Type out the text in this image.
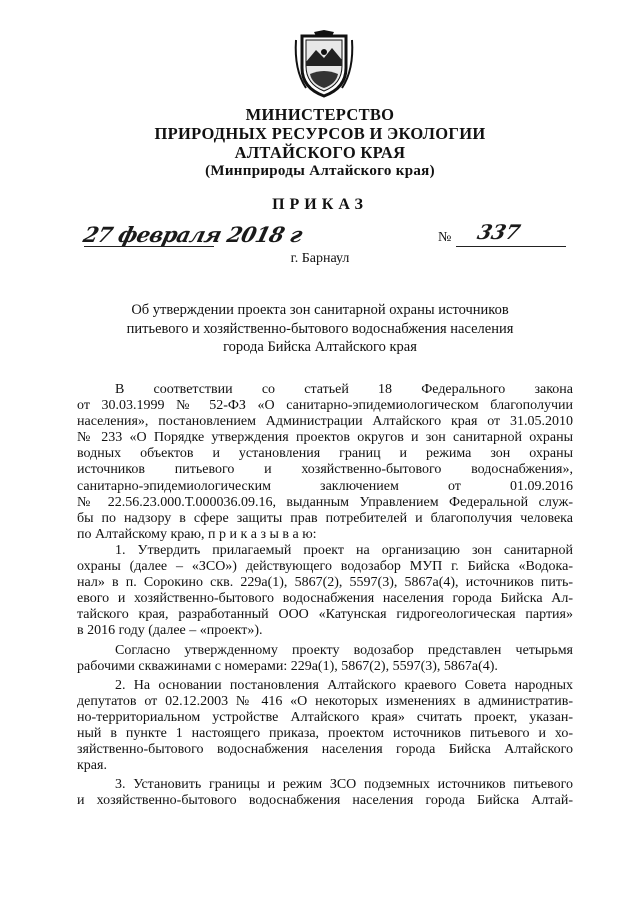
МИНИСТЕРСТВО
ПРИРОДНЫХ РЕСУРСОВ И ЭКОЛОГИИ
АЛТАЙСКОГО КРАЯ
(Минприроды Алтайского края)
ПРИКАЗ
27 февраля 2018 г	№ 337
г. Барнаул
Об утверждении проекта зон санитарной охраны источников
питьевого и хозяйственно-бытового водоснабжения населения
города Бийска Алтайского края
В соответствии со статьей 18 Федерального закона
от 30.03.1999 № 52-ФЗ «О санитарно-эпидемиологическом благополучии
населения», постановлением Администрации Алтайского края от 31.05.2010
№ 233 «О Порядке утверждения проектов округов и зон санитарной охраны
водных объектов и установления границ и режима зон охраны
источников питьевого и хозяйственно-бытового водоснабжения»,
санитарно-эпидемиологическим заключением от 01.09.2016
№ 22.56.23.000.Т.000036.09.16, выданным Управлением Федеральной служ-
бы по надзору в сфере защиты прав потребителей и благополучия человека
по Алтайскому краю, п р и к а з ы в а ю:
1. Утвердить прилагаемый проект на организацию зон санитарной
охраны (далее – «ЗСО») действующего водозабор МУП г. Бийска «Водока-
нал» в п. Сорокино скв. 229а(1), 5867(2), 5597(3), 5867а(4), источников пить-
евого и хозяйственно-бытового водоснабжения населения города Бийска Ал-
тайского края, разработанный ООО «Катунская гидрогеологическая партия»
в 2016 году (далее – «проект»).
Согласно утвержденному проекту водозабор представлен четырьмя
рабочими скважинами с номерами: 229а(1), 5867(2), 5597(3), 5867а(4).
2. На основании постановления Алтайского краевого Совета народных
депутатов от 02.12.2003 № 416 «О некоторых изменениях в административ-
но-территориальном устройстве Алтайского края» считать проект, указан-
ный в пункте 1 настоящего приказа, проектом источников питьевого и хо-
зяйственно-бытового водоснабжения населения города Бийска Алтайского
края.
3. Установить границы и режим ЗСО подземных источников питьевого
и хозяйственно-бытового водоснабжения населения города Бийска Алтай-
